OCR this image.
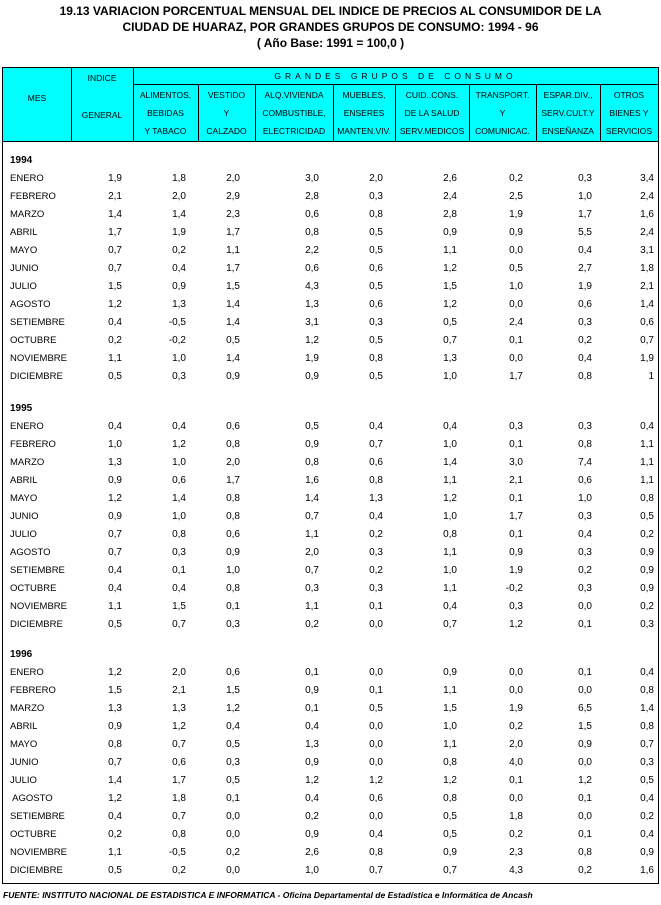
19.13 VARIACION PORCENTUAL MENSUAL DEL INDICE DE PRECIOS AL CONSUMIDOR DE LA
CIUDAD DE HUARAZ, POR GRANDES GRUPOS DE CONSUMO: 1994 - 96
( Año Base: 1991 = 100,0 )
MES
INDICE
GENERAL
GRANDES GRUPOS DE CONSUMO
ALIMENTOS,
BEBIDAS
Y TABACO
VESTIDO
Y
CALZADO
ALQ.VIVIENDA
COMBUSTIBLE,
ELECTRICIDAD
MUEBLES,
ENSERES
MANTEN.VIV.
CUID..CONS.
DE LA SALUD
SERV.MEDICOS
TRANSPORT.
Y
COMUNICAC.
ESPAR.DIV.,
SERV.CULT.Y
ENSEÑANZA
OTROS
BIENES Y
SERVICIOS
1994
ENERO	1,9	1,8	2,0	3,0	2,0	2,6	0,2	0,3	3,4
FEBRERO	2,1	2,0	2,9	2,8	0,3	2,4	2,5	1,0	2,4
MARZO	1,4	1,4	2,3	0,6	0,8	2,8	1,9	1,7	1,6
ABRIL	1,7	1,9	1,7	0,8	0,5	0,9	0,9	5,5	2,4
MAYO	0,7	0,2	1,1	2,2	0,5	1,1	0,0	0,4	3,1
JUNIO	0,7	0,4	1,7	0,6	0,6	1,2	0,5	2,7	1,8
JULIO	1,5	0,9	1,5	4,3	0,5	1,5	1,0	1,9	2,1
AGOSTO	1,2	1,3	1,4	1,3	0,6	1,2	0,0	0,6	1,4
SETIEMBRE	0,4	-0,5	1,4	3,1	0,3	0,5	2,4	0,3	0,6
OCTUBRE	0,2	-0,2	0,5	1,2	0,5	0,7	0,1	0,2	0,7
NOVIEMBRE	1,1	1,0	1,4	1,9	0,8	1,3	0,0	0,4	1,9
DICIEMBRE	0,5	0,3	0,9	0,9	0,5	1,0	1,7	0,8	1
1995
ENERO	0,4	0,4	0,6	0,5	0,4	0,4	0,3	0,3	0,4
FEBRERO	1,0	1,2	0,8	0,9	0,7	1,0	0,1	0,8	1,1
MARZO	1,3	1,0	2,0	0,8	0,6	1,4	3,0	7,4	1,1
ABRIL	0,9	0,6	1,7	1,6	0,8	1,1	2,1	0,6	1,1
MAYO	1,2	1,4	0,8	1,4	1,3	1,2	0,1	1,0	0,8
JUNIO	0,9	1,0	0,8	0,7	0,4	1,0	1,7	0,3	0,5
JULIO	0,7	0,8	0,6	1,1	0,2	0,8	0,1	0,4	0,2
AGOSTO	0,7	0,3	0,9	2,0	0,3	1,1	0,9	0,3	0,9
SETIEMBRE	0,4	0,1	1,0	0,7	0,2	1,0	1,9	0,2	0,9
OCTUBRE	0,4	0,4	0,8	0,3	0,3	1,1	-0,2	0,3	0,9
NOVIEMBRE	1,1	1,5	0,1	1,1	0,1	0,4	0,3	0,0	0,2
DICIEMBRE	0,5	0,7	0,3	0,2	0,0	0,7	1,2	0,1	0,3
1996
ENERO	1,2	2,0	0,6	0,1	0,0	0,9	0,0	0,1	0,4
FEBRERO	1,5	2,1	1,5	0,9	0,1	1,1	0,0	0,0	0,8
MARZO	1,3	1,3	1,2	0,1	0,5	1,5	1,9	6,5	1,4
ABRIL	0,9	1,2	0,4	0,4	0,0	1,0	0,2	1,5	0,8
MAYO	0,8	0,7	0,5	1,3	0,0	1,1	2,0	0,9	0,7
JUNIO	0,7	0,6	0,3	0,9	0,0	0,8	4,0	0,0	0,3
JULIO	1,4	1,7	0,5	1,2	1,2	1,2	0,1	1,2	0,5
AGOSTO	1,2	1,8	0,1	0,4	0,6	0,8	0,0	0,1	0,4
SETIEMBRE	0,4	0,7	0,0	0,2	0,0	0,5	1,8	0,0	0,2
OCTUBRE	0,2	0,8	0,0	0,9	0,4	0,5	0,2	0,1	0,4
NOVIEMBRE	1,1	-0,5	0,2	2,6	0,8	0,9	2,3	0,8	0,9
DICIEMBRE	0,5	0,2	0,0	1,0	0,7	0,7	4,3	0,2	1,6
FUENTE: INSTITUTO NACIONAL DE ESTADISTICA E INFORMATICA - Oficina Departamental de Estadística e Informática de Ancash
